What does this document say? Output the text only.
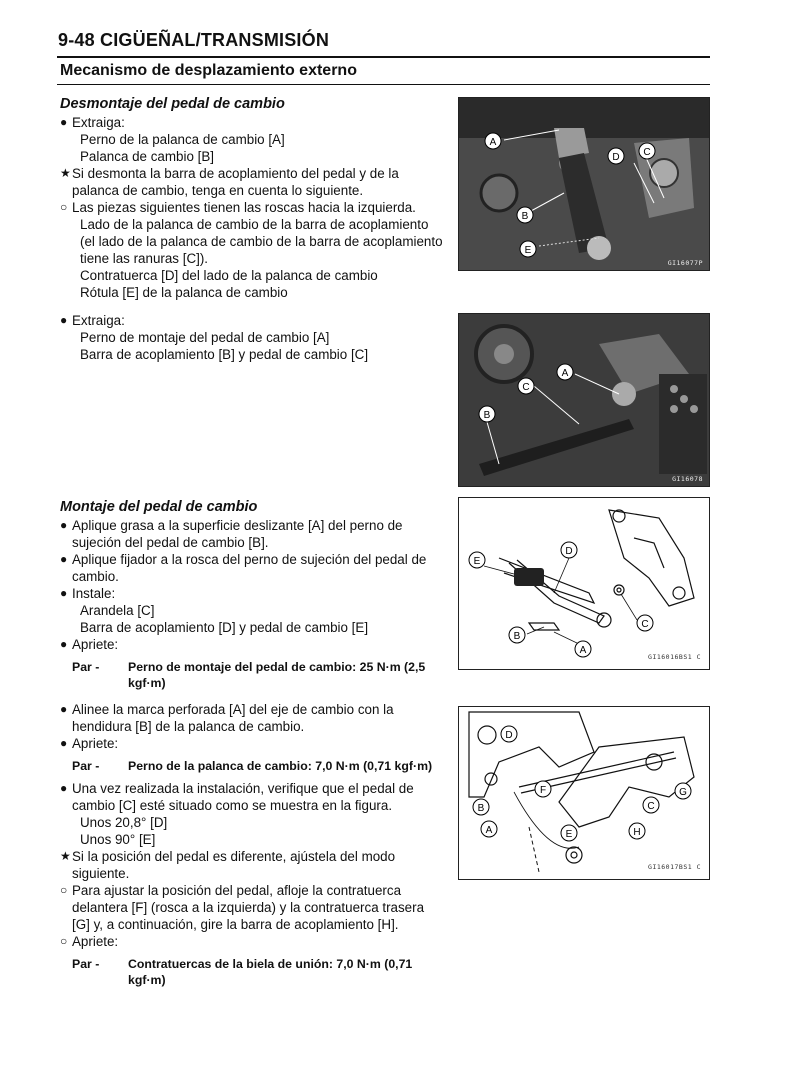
9-48 CIGÜEÑAL/TRANSMISIÓN
Mecanismo de desplazamiento externo
Desmontaje del pedal de cambio
● Extraiga:
Perno de la palanca de cambio [A]
Palanca de cambio [B]
★ Si desmonta la barra de acoplamiento del pedal y de la palanca de cambio, tenga en cuenta lo siguiente.
○ Las piezas siguientes tienen las roscas hacia la izquierda.
Lado de la palanca de cambio de la barra de acoplamiento (el lado de la palanca de cambio de la barra de acoplamiento tiene las ranuras [C]).
Contratuerca [D] del lado de la palanca de cambio
Rótula [E] de la palanca de cambio
● Extraiga:
Perno de montaje del pedal de cambio [A]
Barra de acoplamiento [B] y pedal de cambio [C]
Montaje del pedal de cambio
● Aplique grasa a la superficie deslizante [A] del perno de sujeción del pedal de cambio [B].
● Aplique fijador a la rosca del perno de sujeción del pedal de cambio.
● Instale:
Arandela [C]
Barra de acoplamiento [D] y pedal de cambio [E]
● Apriete:
Par - Perno de montaje del pedal de cambio: 25 N·m (2,5 kgf·m)
● Alinee la marca perforada [A] del eje de cambio con la hendidura [B] de la palanca de cambio.
● Apriete:
Par - Perno de la palanca de cambio: 7,0 N·m (0,71 kgf·m)
● Una vez realizada la instalación, verifique que el pedal de cambio [C] esté situado como se muestra en la figura.
Unos 20,8° [D]
Unos 90° [E]
★ Si la posición del pedal es diferente, ajústela del modo siguiente.
○ Para ajustar la posición del pedal, afloje la contratuerca delantera [F] (rosca a la izquierda) y la contratuerca trasera [G] y, a continuación, gire la barra de acoplamiento [H].
○ Apriete:
Par - Contratuercas de la biela de unión: 7,0 N·m (0,71 kgf·m)
A
B
C
D
E
GI16077P
A
B
C
GI16078
E
D
C
B
A
GI16016BS1 C
D
B
A
F
E
C
G
H
GI16017BS1 C
